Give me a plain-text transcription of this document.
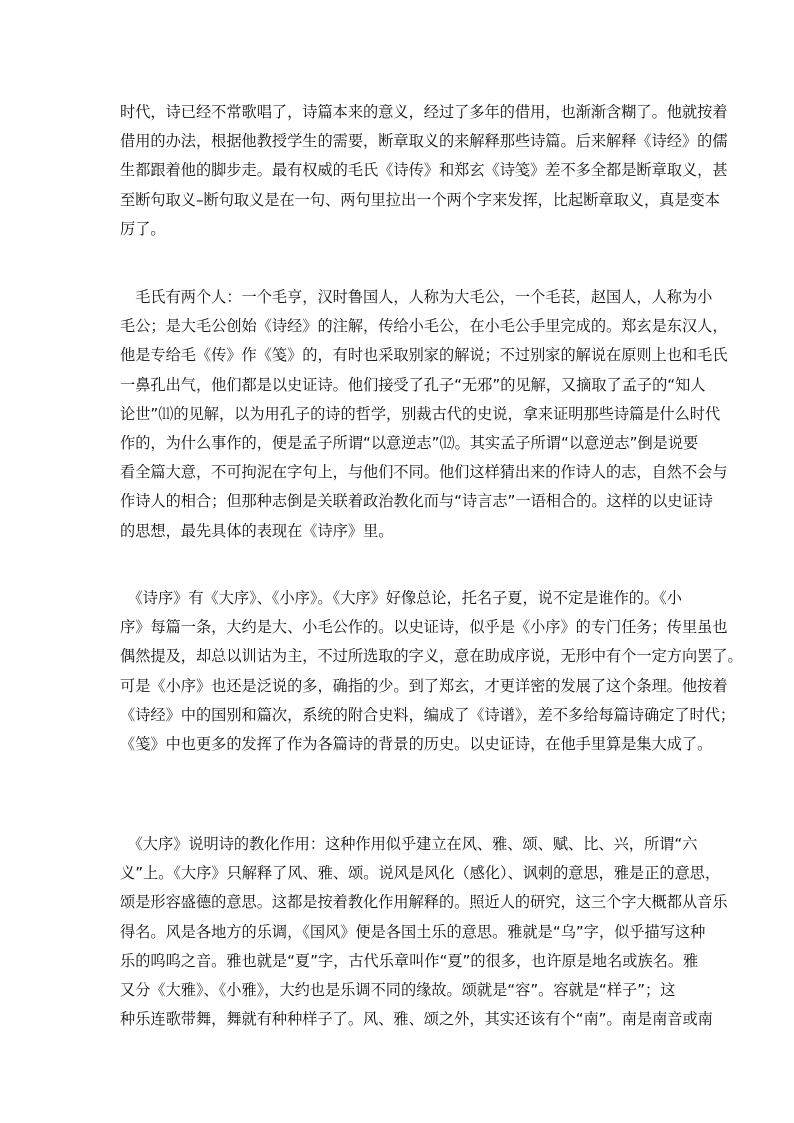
时代，诗已经不常歌唱了，诗篇本来的意义，经过了多年的借用，也渐渐含糊了。他就按着
借用的办法，根据他教授学生的需要，断章取义的来解释那些诗篇。后来解释《诗经》的儒
生都跟着他的脚步走。最有权威的毛氏《诗传》和郑玄《诗笺》差不多全都是断章取义，甚
至断句取义–断句取义是在一句、两句里拉出一个两个字来发挥，比起断章取义，真是变本
厉了。
　毛氏有两个人：一个毛亨，汉时鲁国人，人称为大毛公，一个毛苌，赵国人，人称为小
毛公；是大毛公创始《诗经》的注解，传给小毛公，在小毛公手里完成的。郑玄是东汉人，
他是专给毛《传》作《笺》的，有时也采取别家的解说；不过别家的解说在原则上也和毛氏
一鼻孔出气，他们都是以史证诗。他们接受了孔子“无邪”的见解，又摘取了孟子的“知人
论世”⑾的见解，以为用孔子的诗的哲学，别裁古代的史说，拿来证明那些诗篇是什么时代
作的，为什么事作的，便是孟子所谓“以意逆志”⑿。其实孟子所谓“以意逆志”倒是说要
看全篇大意，不可拘泥在字句上，与他们不同。他们这样猜出来的作诗人的志，自然不会与
作诗人的相合；但那种志倒是关联着政治教化而与“诗言志”一语相合的。这样的以史证诗
的思想，最先具体的表现在《诗序》里。
　《诗序》有《大序》、《小序》。《大序》好像总论，托名子夏，说不定是谁作的。《小
序》每篇一条，大约是大、小毛公作的。以史证诗，似乎是《小序》的专门任务；传里虽也
偶然提及，却总以训诂为主，不过所选取的字义，意在助成序说，无形中有个一定方向罢了。
可是《小序》也还是泛说的多，确指的少。到了郑玄，才更详密的发展了这个条理。他按着
《诗经》中的国别和篇次，系统的附合史料，编成了《诗谱》，差不多给每篇诗确定了时代；
《笺》中也更多的发挥了作为各篇诗的背景的历史。以史证诗，在他手里算是集大成了。
　《大序》说明诗的教化作用：这种作用似乎建立在风、雅、颂、赋、比、兴，所谓“六
义”上。《大序》只解释了风、雅、颂。说风是风化（感化）、讽刺的意思，雅是正的意思，
颂是形容盛德的意思。这都是按着教化作用解释的。照近人的研究，这三个字大概都从音乐
得名。风是各地方的乐调，《国风》便是各国土乐的意思。雅就是“乌”字，似乎描写这种
乐的呜呜之音。雅也就是“夏”字，古代乐章叫作“夏”的很多，也许原是地名或族名。雅
又分《大雅》、《小雅》，大约也是乐调不同的缘故。颂就是“容”。容就是“样子”；这
种乐连歌带舞，舞就有种种样子了。风、雅、颂之外，其实还该有个“南”。南是南音或南
